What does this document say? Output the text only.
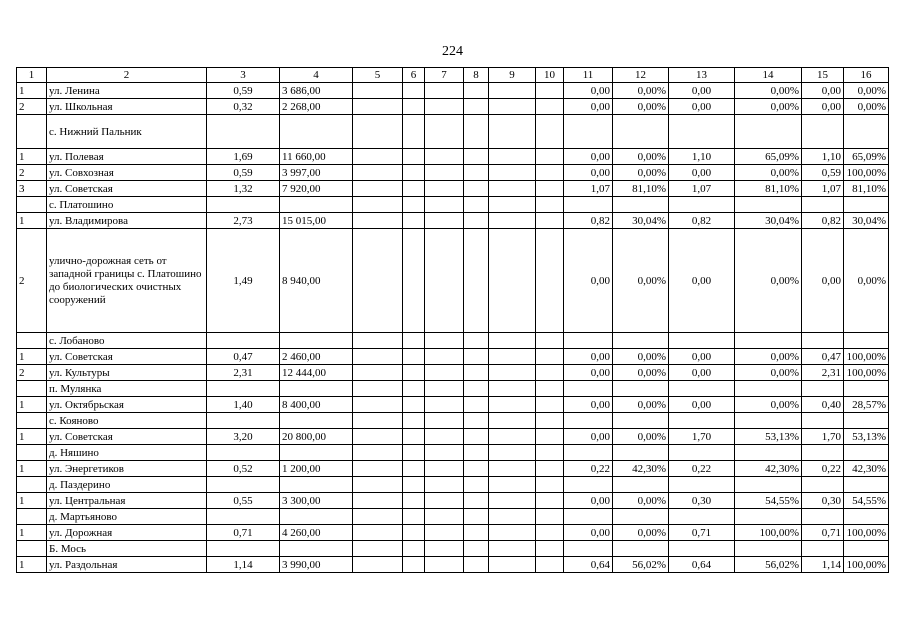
224
1	2	3	4	5	6	7	8	9	10	11	12	13	14	15	16
1	ул. Ленина	0,59	3 686,00							0,00	0,00%	0,00	0,00%	0,00	0,00%
2	ул. Школьная	0,32	2 268,00							0,00	0,00%	0,00	0,00%	0,00	0,00%
	с. Нижний Пальник														
1	ул. Полевая	1,69	11 660,00							0,00	0,00%	1,10	65,09%	1,10	65,09%
2	ул. Совхозная	0,59	3 997,00							0,00	0,00%	0,00	0,00%	0,59	100,00%
3	ул. Советская	1,32	7 920,00							1,07	81,10%	1,07	81,10%	1,07	81,10%
	с. Платошино														
1	ул. Владимирова	2,73	15 015,00							0,82	30,04%	0,82	30,04%	0,82	30,04%
2	улично-дорожная сеть от западной границы с. Платошино до биологических очистных сооружений	1,49	8 940,00							0,00	0,00%	0,00	0,00%	0,00	0,00%
	с. Лобаново														
1	ул. Советская	0,47	2 460,00							0,00	0,00%	0,00	0,00%	0,47	100,00%
2	ул. Культуры	2,31	12 444,00							0,00	0,00%	0,00	0,00%	2,31	100,00%
	п. Мулянка														
1	ул. Октябрьская	1,40	8 400,00							0,00	0,00%	0,00	0,00%	0,40	28,57%
	с. Кояново														
1	ул. Советская	3,20	20 800,00							0,00	0,00%	1,70	53,13%	1,70	53,13%
	д. Няшино														
1	ул. Энергетиков	0,52	1 200,00							0,22	42,30%	0,22	42,30%	0,22	42,30%
	д. Паздерино														
1	ул. Центральная	0,55	3 300,00							0,00	0,00%	0,30	54,55%	0,30	54,55%
	д. Мартьяново														
1	ул. Дорожная	0,71	4 260,00							0,00	0,00%	0,71	100,00%	0,71	100,00%
	Б. Мось														
1	ул. Раздольная	1,14	3 990,00							0,64	56,02%	0,64	56,02%	1,14	100,00%
